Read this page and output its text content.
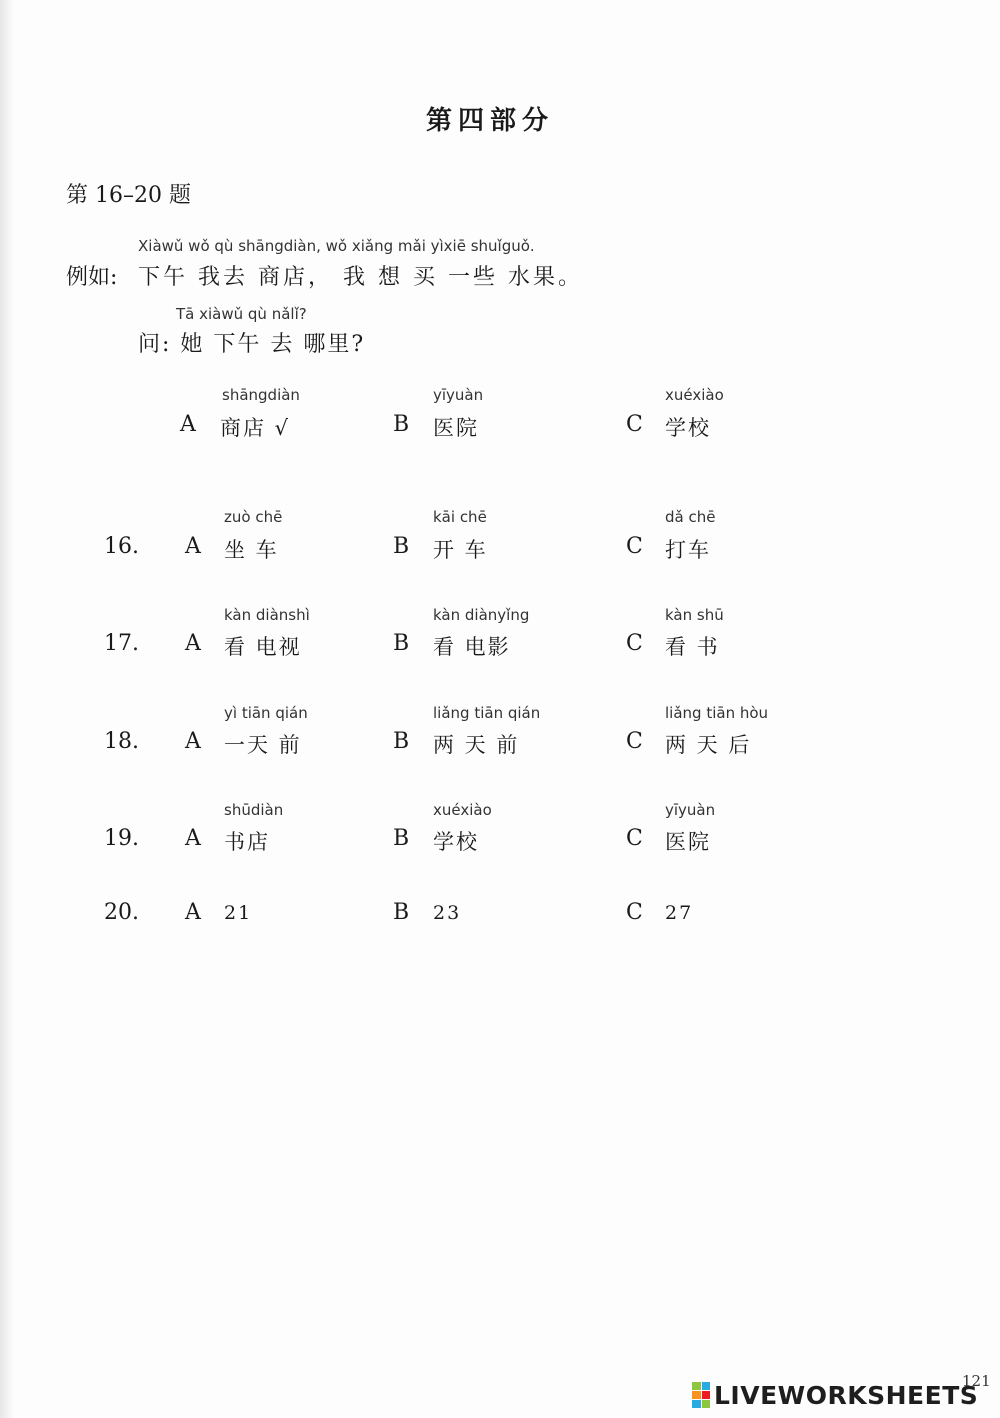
第四部分
第 16–20 题
Xiàwǔ wǒ qù shāngdiàn, wǒ xiǎng mǎi yìxiē shuǐguǒ.
例如: 下午 我去 商店， 我 想 买 一些 水果。
Tā xiàwǔ qù nǎlǐ?
问: 她 下午 去 哪里?
shāngdiàn
A 商店 √
yīyuàn
B 医院
xuéxiào
C 学校
16.
zuò chē
A 坐 车
kāi chē
B 开 车
dǎ chē
C 打车
17.
kàn diànshì
A 看 电视
kàn diànyǐng
B 看 电影
kàn shū
C 看 书
18.
yì tiān qián
A 一天 前
liǎng tiān qián
B 两 天 前
liǎng tiān hòu
C 两 天 后
19.
shūdiàn
A 书店
xuéxiào
B 学校
yīyuàn
C 医院
20. A 21	B 23	C 27
121
LIVEWORKSHEETS
